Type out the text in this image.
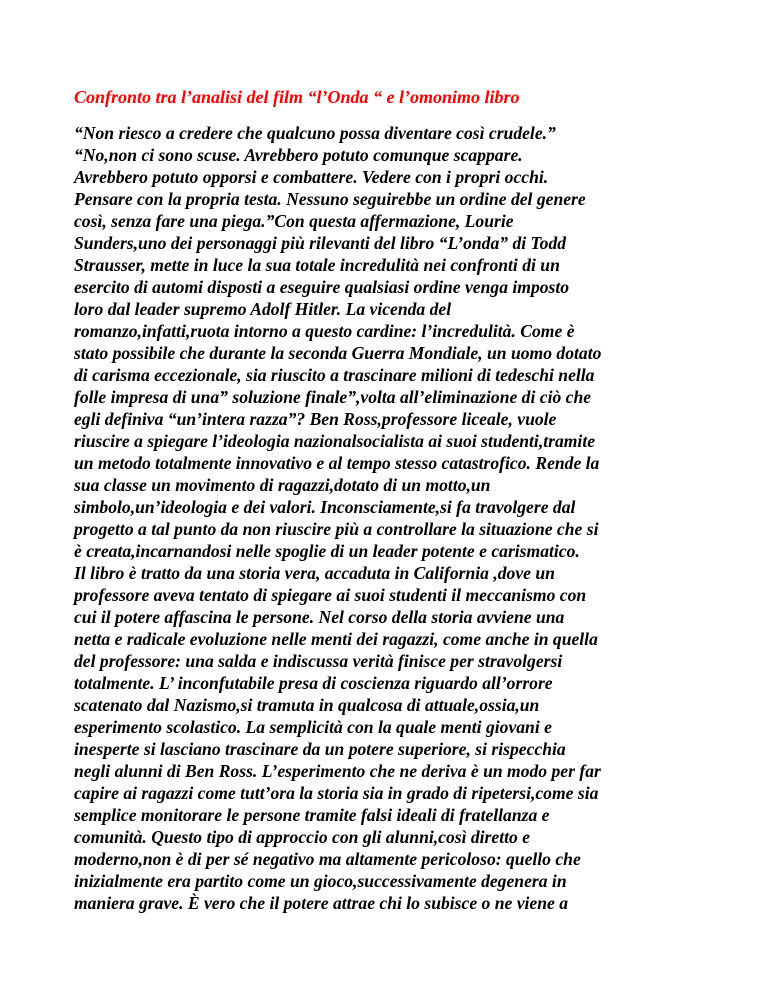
Confronto tra l’analisi del film “l’Onda “ e l’omonimo libro
“Non riesco a credere che qualcuno possa diventare così crudele.”
“No,non ci sono scuse. Avrebbero potuto comunque scappare.
Avrebbero potuto opporsi e combattere. Vedere con i propri occhi.
Pensare con la propria testa. Nessuno seguirebbe un ordine del genere
così, senza fare una piega.”Con questa affermazione, Lourie
Sunders,uno dei personaggi più rilevanti del libro “L’onda” di Todd
Strausser, mette in luce la sua totale incredulità nei confronti di un
esercito di automi disposti a eseguire qualsiasi ordine venga imposto
loro dal leader supremo Adolf Hitler. La vicenda del
romanzo,infatti,ruota intorno a questo cardine: l’incredulità. Come è
stato possibile che durante la seconda Guerra Mondiale, un uomo dotato
di carisma eccezionale, sia riuscito a trascinare milioni di tedeschi nella
folle impresa di una” soluzione finale”,volta all’eliminazione di ciò che
egli definiva “un’intera razza”? Ben Ross,professore liceale, vuole
riuscire a spiegare l’ideologia nazionalsocialista ai suoi studenti,tramite
un metodo totalmente innovativo e al tempo stesso catastrofico. Rende la
sua classe un movimento di ragazzi,dotato di un motto,un
simbolo,un’ideologia e dei valori. Inconsciamente,si fa travolgere dal
progetto a tal punto da non riuscire più a controllare la situazione che si
è creata,incarnandosi nelle spoglie di un leader potente e carismatico.
Il libro è tratto da una storia vera, accaduta in California ,dove un
professore aveva tentato di spiegare ai suoi studenti il meccanismo con
cui il potere affascina le persone. Nel corso della storia avviene una
netta e radicale evoluzione nelle menti dei ragazzi, come anche in quella
del professore: una salda e indiscussa verità finisce per stravolgersi
totalmente. L’ inconfutabile presa di coscienza riguardo all’orrore
scatenato dal Nazismo,si tramuta in qualcosa di attuale,ossia,un
esperimento scolastico. La semplicità con la quale menti giovani e
inesperte si lasciano trascinare da un potere superiore, si rispecchia
negli alunni di Ben Ross. L’esperimento che ne deriva è un modo per far
capire ai ragazzi come tutt’ora la storia sia in grado di ripetersi,come sia
semplice monitorare le persone tramite falsi ideali di fratellanza e
comunità. Questo tipo di approccio con gli alunni,così diretto e
moderno,non è di per sé negativo ma altamente pericoloso: quello che
inizialmente era partito come un gioco,successivamente degenera in
maniera grave. È vero che il potere attrae chi lo subisce o ne viene a
